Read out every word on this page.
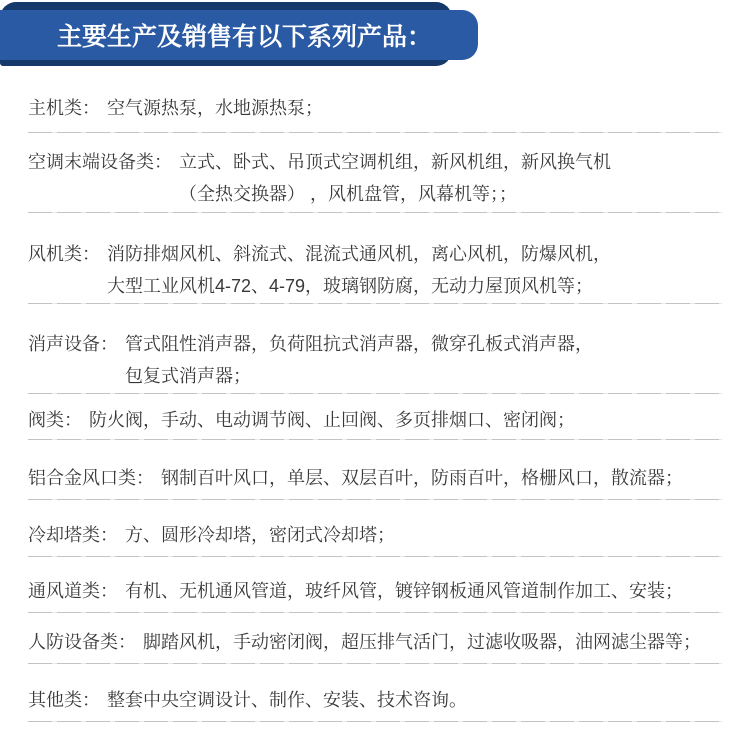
主要生产及销售有以下系列产品：
主机类： 空气源热泵，水地源热泵；
空调末端设备类： 立式、卧式、吊顶式空调机组，新风机组，新风换气机
（全热交换器） ，风机盘管，风幕机等；；
风机类： 消防排烟风机、斜流式、混流式通风机，离心风机，防爆风机，
大型工业风机4-72、4-79，玻璃钢防腐，无动力屋顶风机等；
消声设备： 管式阻性消声器，负荷阻抗式消声器，微穿孔板式消声器，
包复式消声器；
阀类： 防火阀，手动、电动调节阀、止回阀、多页排烟口、密闭阀；
铝合金风口类： 钢制百叶风口，单层、双层百叶，防雨百叶，格栅风口，散流器；
冷却塔类： 方、圆形冷却塔，密闭式冷却塔；
通风道类： 有机、无机通风管道，玻纤风管，镀锌钢板通风管道制作加工、安装；
人防设备类： 脚踏风机，手动密闭阀，超压排气活门，过滤收吸器，油网滤尘器等；
其他类： 整套中央空调设计、制作、安装、技术咨询。
